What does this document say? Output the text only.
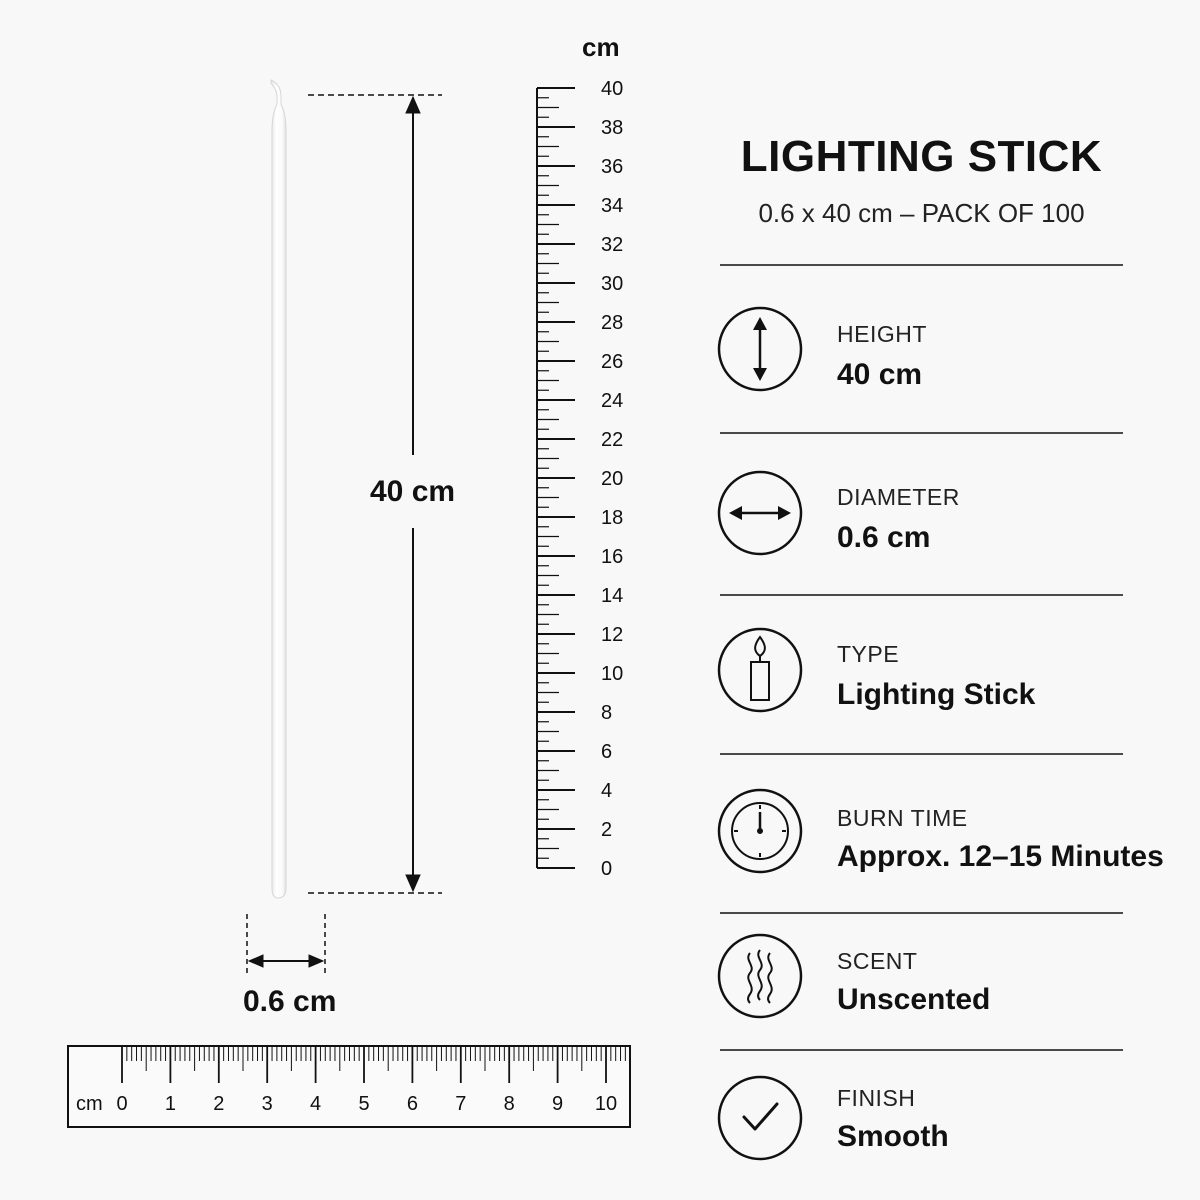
40
38
36
34
32
30
28
26
24
22
20
18
16
14
12
10
8
6
4
2
0
cm 0 1 2 3 4 5 6 7 8 9 10
40 cm
0.6 cm
cm
LIGHTING STICK
0.6 x 40 cm – PACK OF 100
HEIGHT
40 cm
DIAMETER
0.6 cm
TYPE
Lighting Stick
BURN TIME
Approx. 12–15 Minutes
SCENT
Unscented
FINISH
Smooth
